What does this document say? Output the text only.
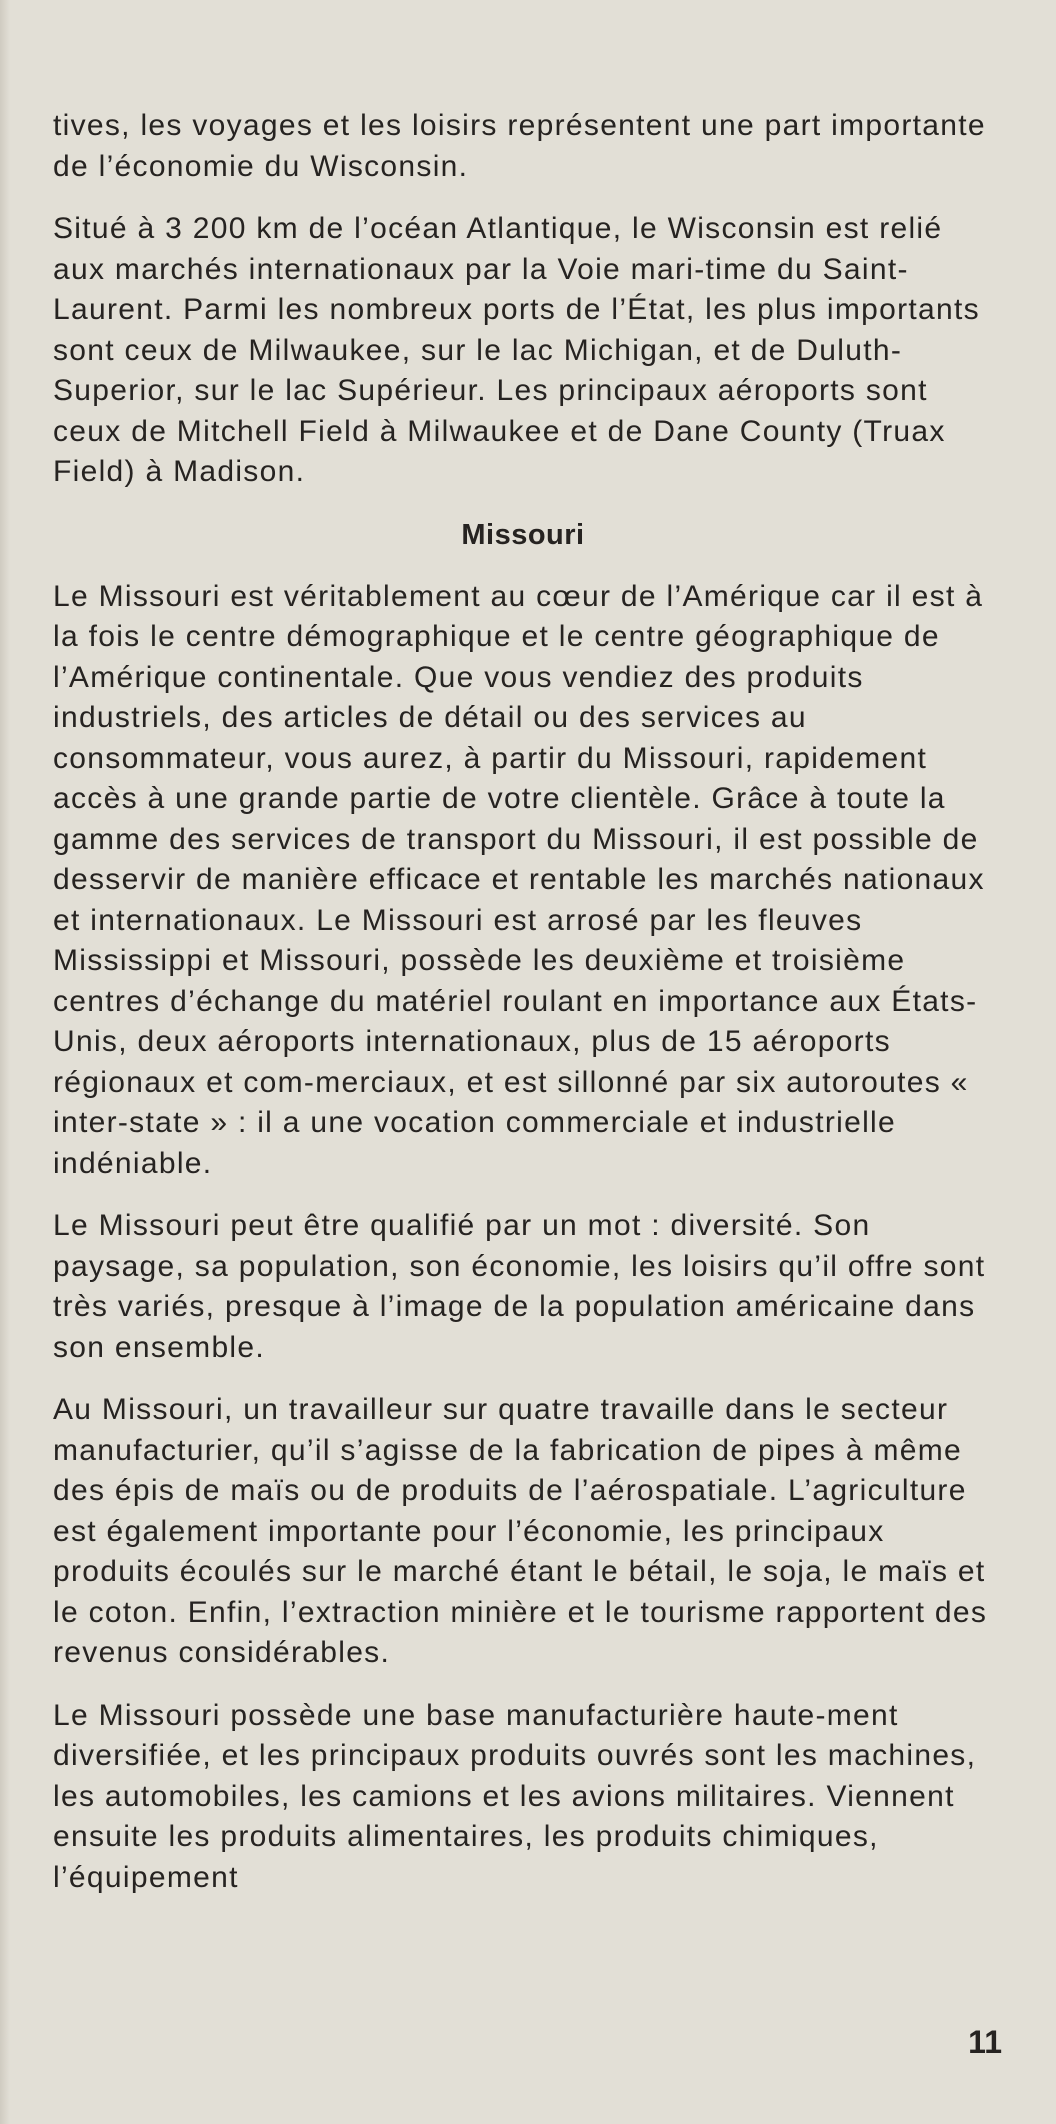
tives, les voyages et les loisirs représentent une part importante de l’économie du Wisconsin.

Situé à 3 200 km de l’océan Atlantique, le Wisconsin est relié aux marchés internationaux par la Voie mari-time du Saint-Laurent. Parmi les nombreux ports de l’État, les plus importants sont ceux de Milwaukee, sur le lac Michigan, et de Duluth-Superior, sur le lac Supérieur. Les principaux aéroports sont ceux de Mitchell Field à Milwaukee et de Dane County (Truax Field) à Madison.

Missouri

Le Missouri est véritablement au cœur de l’Amérique car il est à la fois le centre démographique et le centre géographique de l’Amérique continentale. Que vous vendiez des produits industriels, des articles de détail ou des services au consommateur, vous aurez, à partir du Missouri, rapidement accès à une grande partie de votre clientèle. Grâce à toute la gamme des services de transport du Missouri, il est possible de desservir de manière efficace et rentable les marchés nationaux et internationaux. Le Missouri est arrosé par les fleuves Mississippi et Missouri, possède les deuxième et troisième centres d’échange du matériel roulant en importance aux États-Unis, deux aéroports internationaux, plus de 15 aéroports régionaux et com-merciaux, et est sillonné par six autoroutes « inter-state » : il a une vocation commerciale et industrielle indéniable.

Le Missouri peut être qualifié par un mot : diversité. Son paysage, sa population, son économie, les loisirs qu’il offre sont très variés, presque à l’image de la population américaine dans son ensemble.

Au Missouri, un travailleur sur quatre travaille dans le secteur manufacturier, qu’il s’agisse de la fabrication de pipes à même des épis de maïs ou de produits de l’aérospatiale. L’agriculture est également importante pour l’économie, les principaux produits écoulés sur le marché étant le bétail, le soja, le maïs et le coton. Enfin, l’extraction minière et le tourisme rapportent des revenus considérables.

Le Missouri possède une base manufacturière haute-ment diversifiée, et les principaux produits ouvrés sont les machines, les automobiles, les camions et les avions militaires. Viennent ensuite les produits alimentaires, les produits chimiques, l’équipement

11
